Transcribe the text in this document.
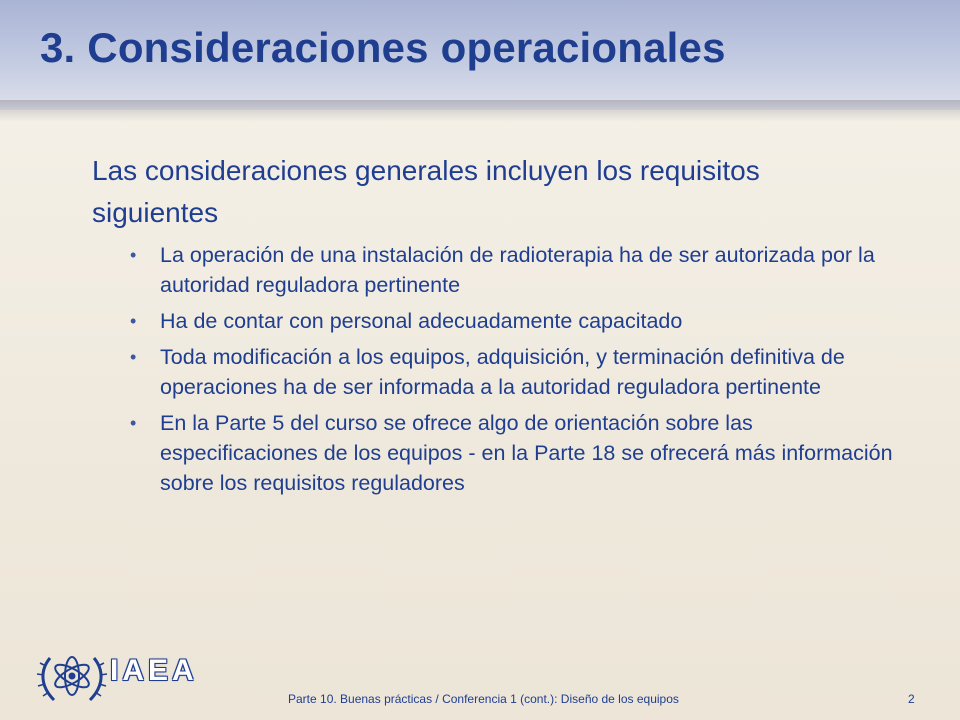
3. Consideraciones operacionales

Las consideraciones generales incluyen los requisitos siguientes

• La operación de una instalación de radioterapia ha de ser autorizada por la autoridad reguladora pertinente
• Ha de contar con personal adecuadamente capacitado
• Toda modificación a los equipos, adquisición, y terminación definitiva de operaciones ha de ser informada a la autoridad reguladora pertinente
• En la Parte 5 del curso se ofrece algo de orientación sobre las especificaciones de los equipos - en la Parte 18 se ofrecerá más información sobre los requisitos reguladores
IAEA
Parte 10. Buenas prácticas / Conferencia 1 (cont.): Diseño de los equipos	2
